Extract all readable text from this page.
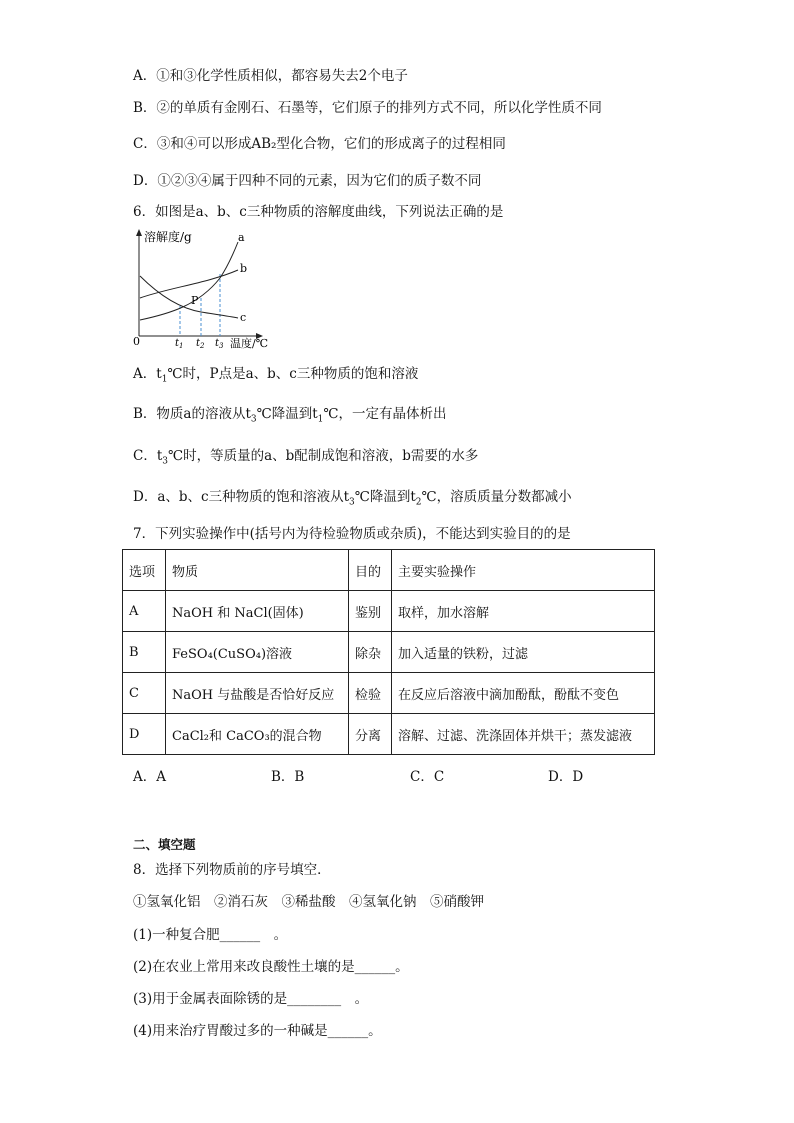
A．①和③化学性质相似，都容易失去2个电子
B．②的单质有金刚石、石墨等，它们原子的排列方式不同，所以化学性质不同
C．③和④可以形成AB₂型化合物，它们的形成离子的过程相同
D．①②③④属于四种不同的元素，因为它们的质子数不同
6．如图是a、b、c三种物质的溶解度曲线，下列说法正确的是
溶解度/g	a
b
c
P
0	$t_1$ $t_2$ $t_3$ 温度/℃
A．$t_1℃$时，P点是a、b、c三种物质的饱和溶液
B．物质a的溶液从$t_3℃$降温到$t_1℃$，一定有晶体析出
C．$t_3℃$时，等质量的a、b配制成饱和溶液，b需要的水多
D．a、b、c三种物质的饱和溶液从$t_3℃$降温到$t_2℃$，溶质质量分数都减小
7．下列实验操作中(括号内为待检验物质或杂质)，不能达到实验目的的是
选项	物质	目的	主要实验操作
A	NaOH 和 NaCl(固体)	鉴别	取样，加水溶解
B	FeSO₄(CuSO₄)溶液	除杂	加入适量的铁粉，过滤
C	NaOH 与盐酸是否恰好反应	检验	在反应后溶液中滴加酚酞，酚酞不变色
D	CaCl₂和 CaCO₃的混合物	分离	溶解、过滤、洗涤固体并烘干；蒸发滤液
A．A	B．B	C．C	D．D
二、填空题
8．选择下列物质前的序号填空．
①氢氧化铝　②消石灰　③稀盐酸　④氢氧化钠　⑤硝酸钾
(1)一种复合肥______　。
(2)在农业上常用来改良酸性土壤的是______。
(3)用于金属表面除锈的是________　。
(4)用来治疗胃酸过多的一种碱是______。
